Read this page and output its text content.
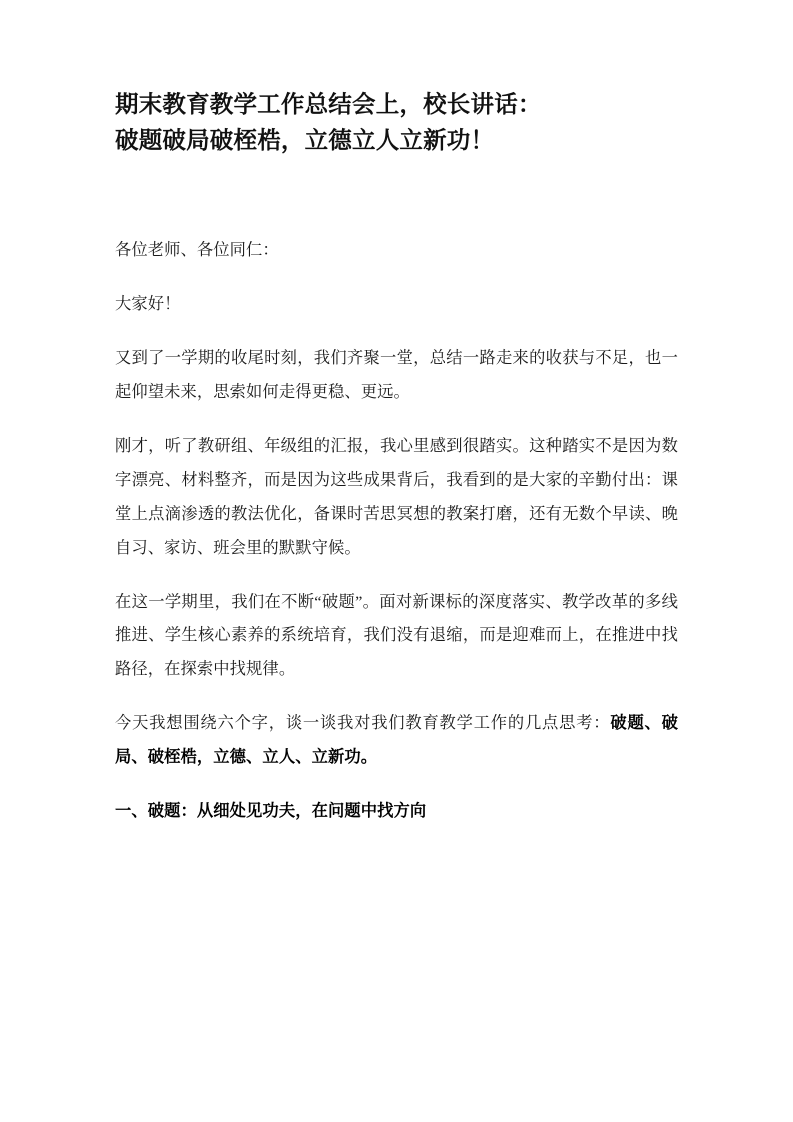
期末教育教学工作总结会上，校长讲话：
破题破局破桎梏，立德立人立新功！

各位老师、各位同仁：

大家好！

又到了一学期的收尾时刻，我们齐聚一堂，总结一路走来的收获与不足，也一起仰望未来，思索如何走得更稳、更远。

刚才，听了教研组、年级组的汇报，我心里感到很踏实。这种踏实不是因为数字漂亮、材料整齐，而是因为这些成果背后，我看到的是大家的辛勤付出：课堂上点滴渗透的教法优化，备课时苦思冥想的教案打磨，还有无数个早读、晚自习、家访、班会里的默默守候。

在这一学期里，我们在不断“破题”。面对新课标的深度落实、教学改革的多线推进、学生核心素养的系统培育，我们没有退缩，而是迎难而上，在推进中找路径，在探索中找规律。

今天我想围绕六个字，谈一谈我对我们教育教学工作的几点思考：破题、破局、破桎梏，立德、立人、立新功。

一、破题：从细处见功夫，在问题中找方向
